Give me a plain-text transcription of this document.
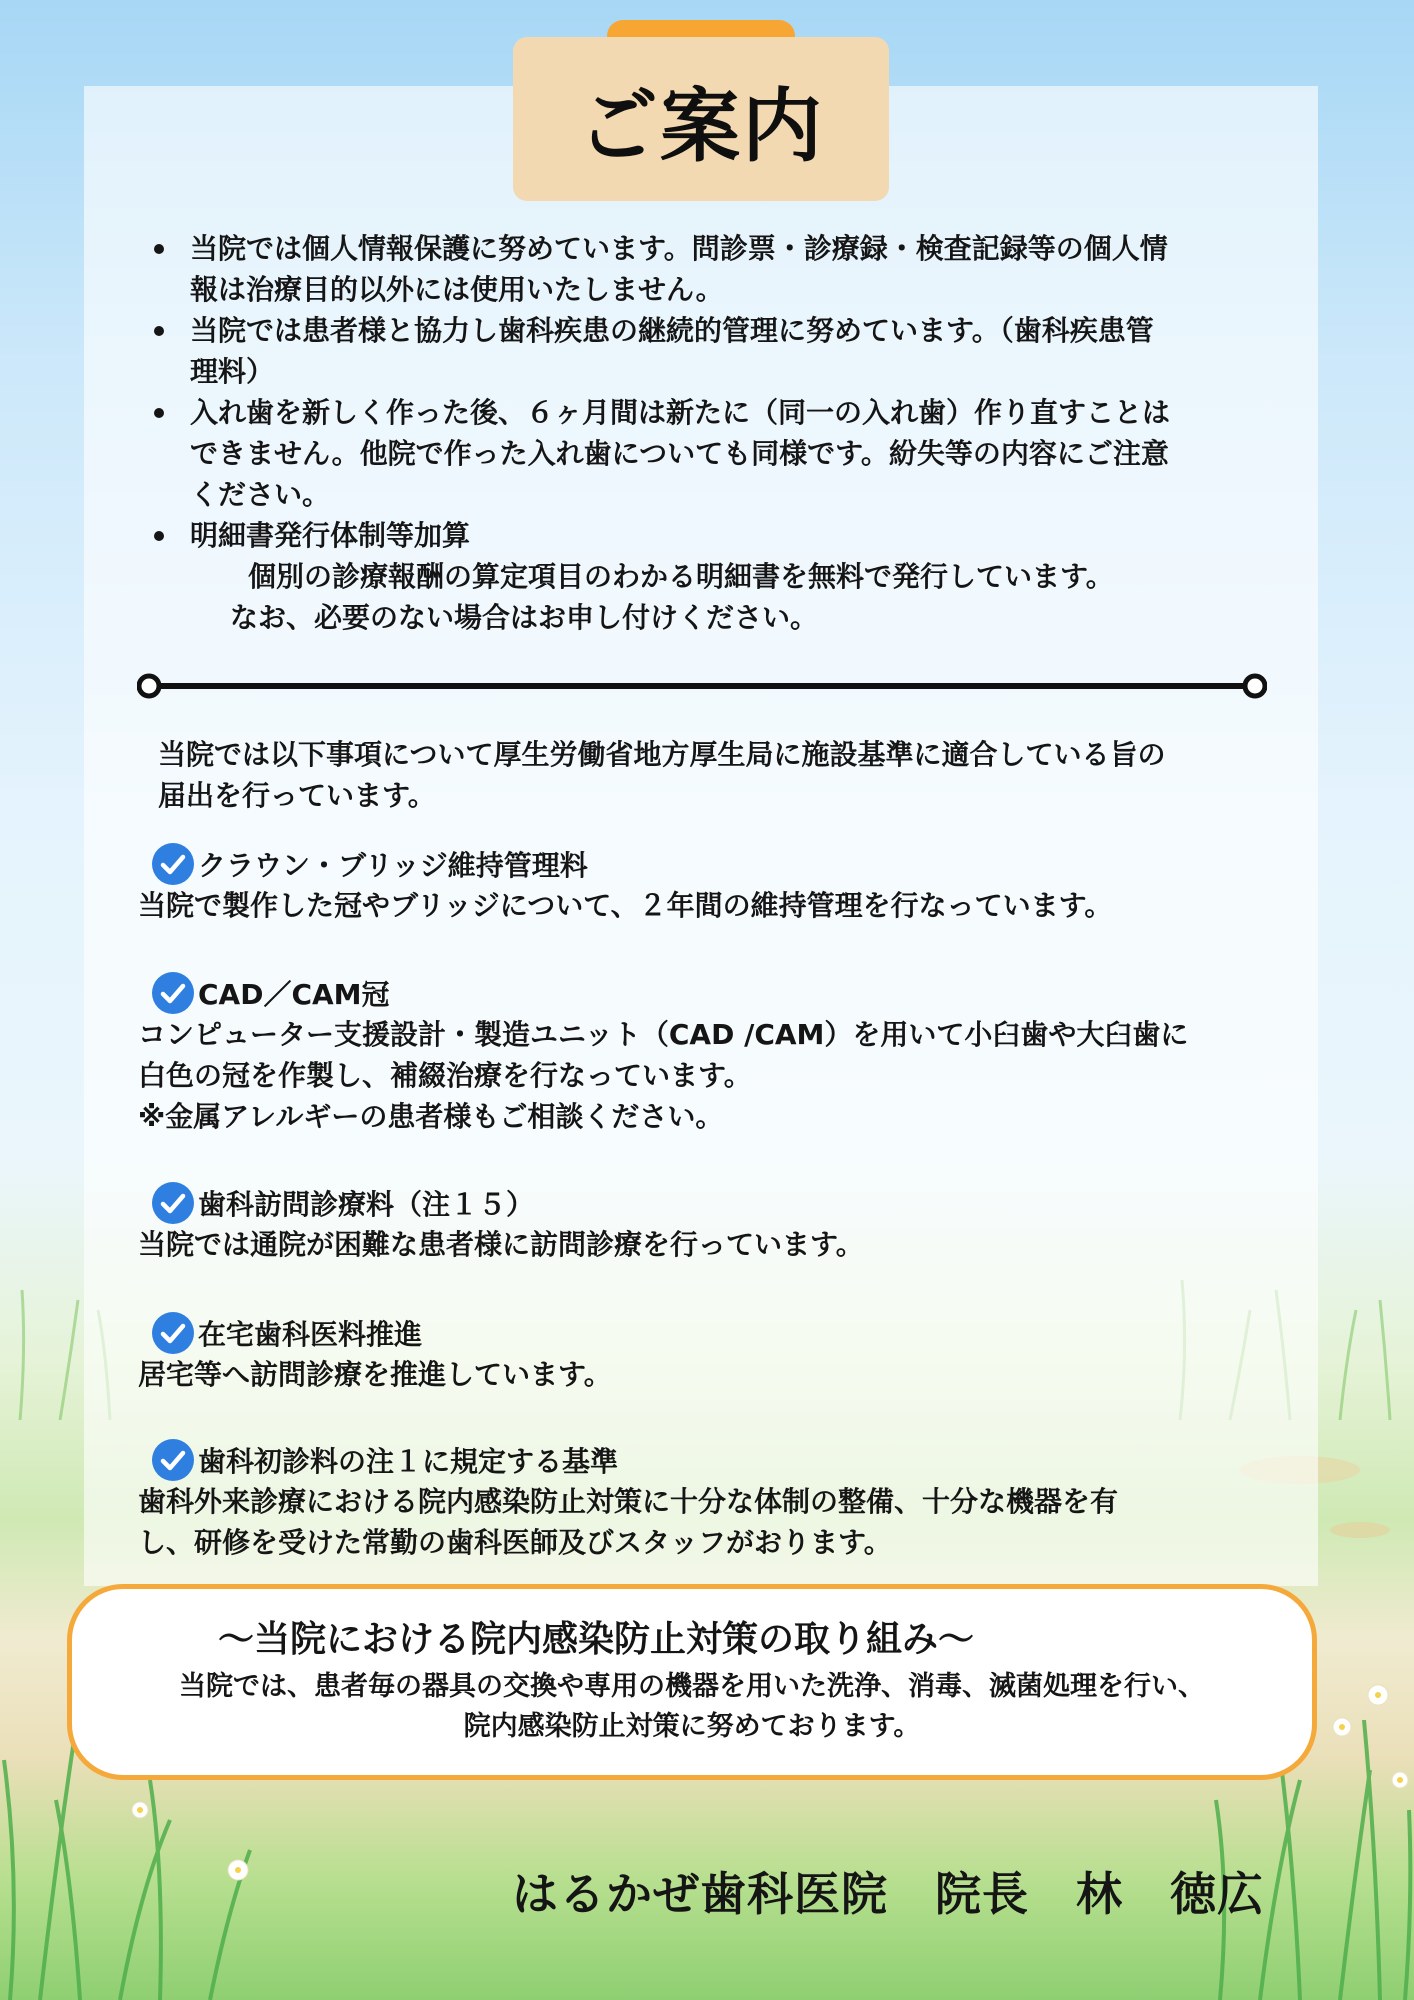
ご案内
当院では個人情報保護に努めています。問診票・診療録・検査記録等の個人情
報は治療目的以外には使用いたしません。
当院では患者様と協力し歯科疾患の継続的管理に努めています。（歯科疾患管
理料）
入れ歯を新しく作った後、６ヶ月間は新たに（同一の入れ歯）作り直すことは
できません。他院で作った入れ歯についても同様です。紛失等の内容にご注意
ください。
明細書発行体制等加算
個別の診療報酬の算定項目のわかる明細書を無料で発行しています。
なお、必要のない場合はお申し付けください。
当院では以下事項について厚生労働省地方厚生局に施設基準に適合している旨の
届出を行っています。
クラウン・ブリッジ維持管理料
当院で製作した冠やブリッジについて、２年間の維持管理を行なっています。
CAD／CAM冠
コンピューター支援設計・製造ユニット（CAD /CAM）を用いて小臼歯や大臼歯に
白色の冠を作製し、補綴治療を行なっています。
※金属アレルギーの患者様もご相談ください。
歯科訪問診療料（注１５）
当院では通院が困難な患者様に訪問診療を行っています。
在宅歯科医料推進
居宅等へ訪問診療を推進しています。
歯科初診料の注１に規定する基準
歯科外来診療における院内感染防止対策に十分な体制の整備、十分な機器を有
し、研修を受けた常勤の歯科医師及びスタッフがおります。
〜当院における院内感染防止対策の取り組み〜
当院では、患者毎の器具の交換や専用の機器を用いた洗浄、消毒、滅菌処理を行い、
院内感染防止対策に努めております。
はるかぜ歯科医院　院長　林　徳広
